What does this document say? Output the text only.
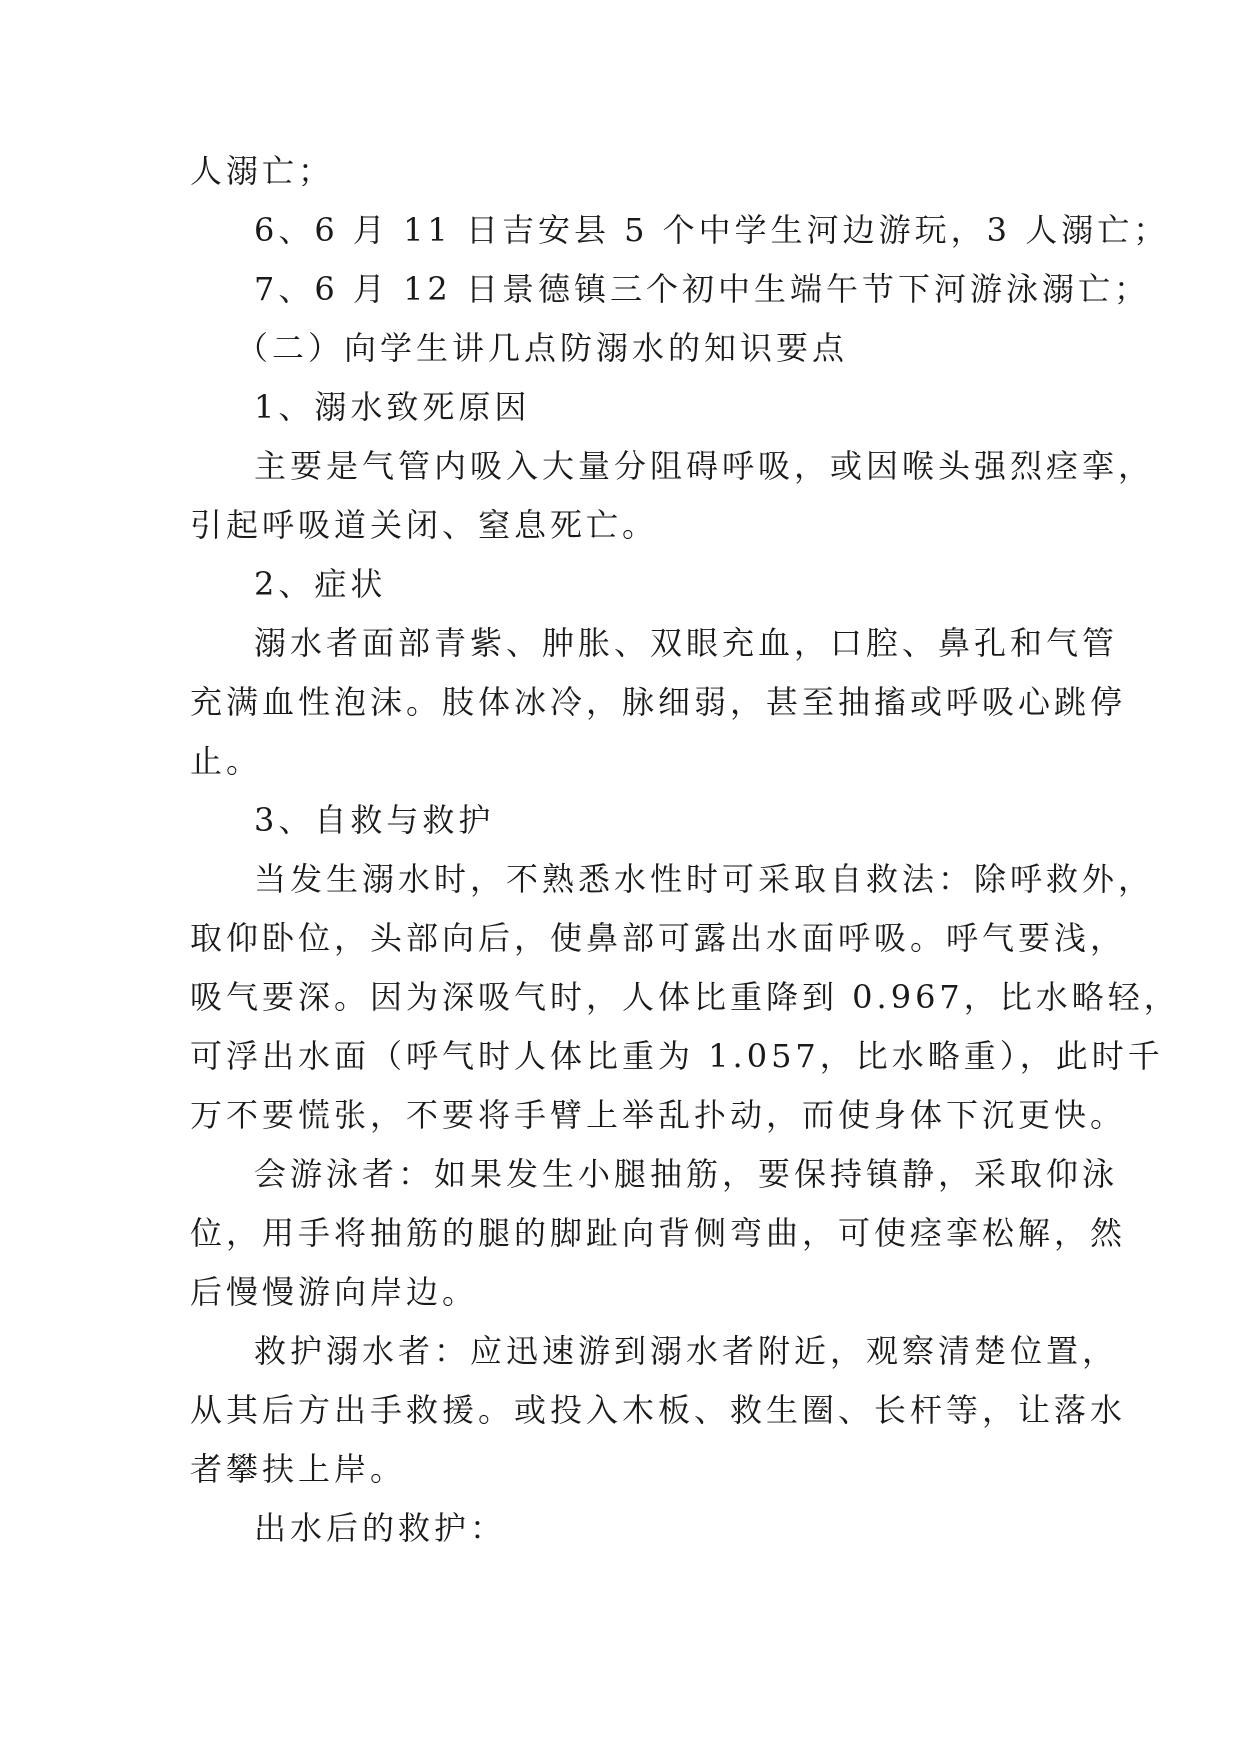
人溺亡；
6、6 月 11 日吉安县 5 个中学生河边游玩，3 人溺亡；
7、6 月 12 日景德镇三个初中生端午节下河游泳溺亡；
（二）向学生讲几点防溺水的知识要点
1、溺水致死原因
主要是气管内吸入大量分阻碍呼吸，或因喉头强烈痉挛，
引起呼吸道关闭、窒息死亡。
2、症状
溺水者面部青紫、肿胀、双眼充血，口腔、鼻孔和气管
充满血性泡沫。肢体冰冷，脉细弱，甚至抽搐或呼吸心跳停
止。
3、自救与救护
当发生溺水时，不熟悉水性时可采取自救法：除呼救外，
取仰卧位，头部向后，使鼻部可露出水面呼吸。呼气要浅，
吸气要深。因为深吸气时，人体比重降到 0.967，比水略轻，
可浮出水面（呼气时人体比重为 1.057，比水略重），此时千
万不要慌张，不要将手臂上举乱扑动，而使身体下沉更快。
会游泳者：如果发生小腿抽筋，要保持镇静，采取仰泳
位，用手将抽筋的腿的脚趾向背侧弯曲，可使痉挛松解，然
后慢慢游向岸边。
救护溺水者：应迅速游到溺水者附近，观察清楚位置，
从其后方出手救援。或投入木板、救生圈、长杆等，让落水
者攀扶上岸。
出水后的救护：
